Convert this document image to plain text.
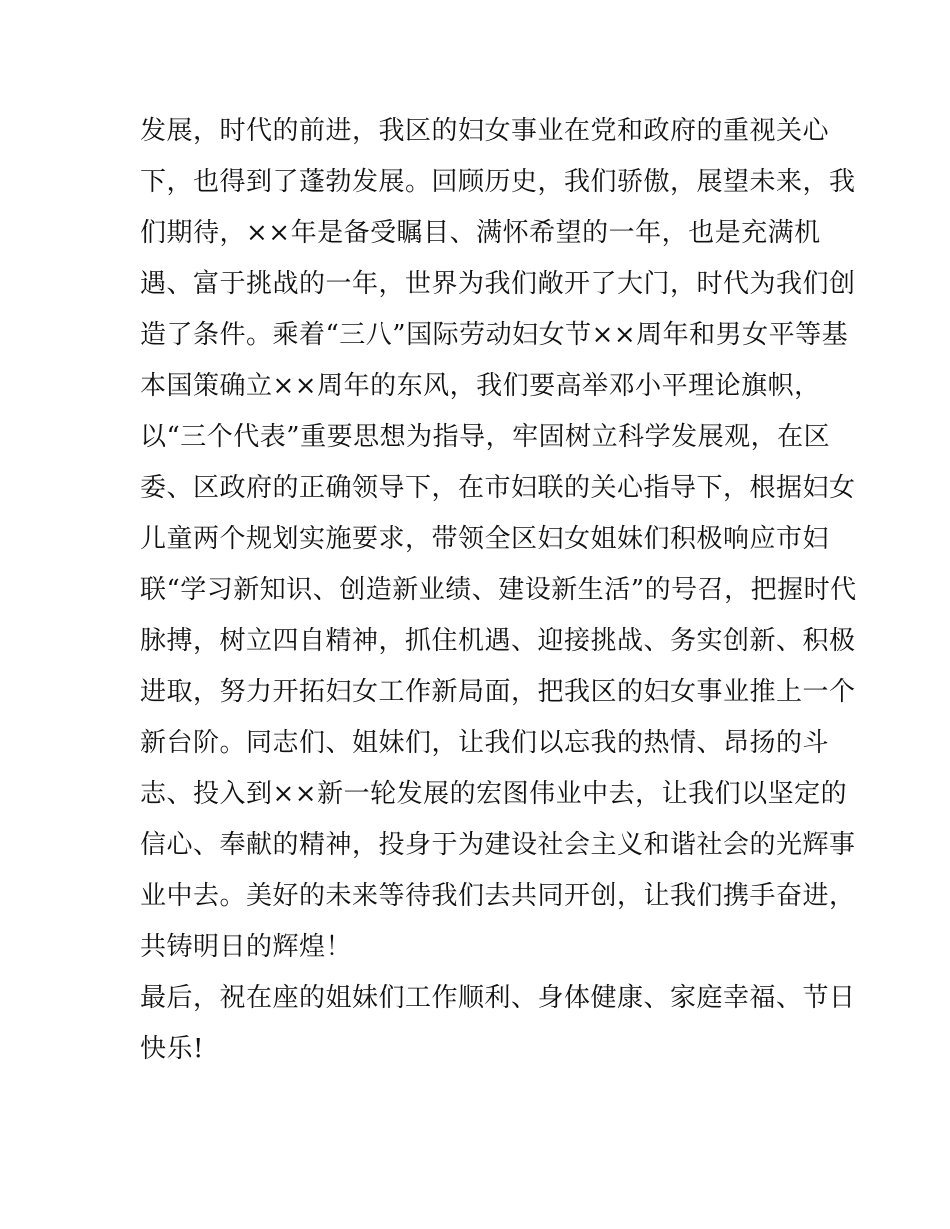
发展，时代的前进，我区的妇女事业在党和政府的重视关心
下，也得到了蓬勃发展。回顾历史，我们骄傲，展望未来，我
们期待，××年是备受瞩目、满怀希望的一年，也是充满机
遇、富于挑战的一年，世界为我们敞开了大门，时代为我们创
造了条件。乘着“三八”国际劳动妇女节××周年和男女平等基
本国策确立××周年的东风，我们要高举邓小平理论旗帜，
以“三个代表”重要思想为指导，牢固树立科学发展观，在区
委、区政府的正确领导下，在市妇联的关心指导下，根据妇女
儿童两个规划实施要求，带领全区妇女姐妹们积极响应市妇
联“学习新知识、创造新业绩、建设新生活”的号召，把握时代
脉搏，树立四自精神，抓住机遇、迎接挑战、务实创新、积极
进取，努力开拓妇女工作新局面，把我区的妇女事业推上一个
新台阶。同志们、姐妹们，让我们以忘我的热情、昂扬的斗
志、投入到××新一轮发展的宏图伟业中去，让我们以坚定的
信心、奉献的精神，投身于为建设社会主义和谐社会的光辉事
业中去。美好的未来等待我们去共同开创，让我们携手奋进，
共铸明日的辉煌！
最后，祝在座的姐妹们工作顺利、身体健康、家庭幸福、节日
快乐!
